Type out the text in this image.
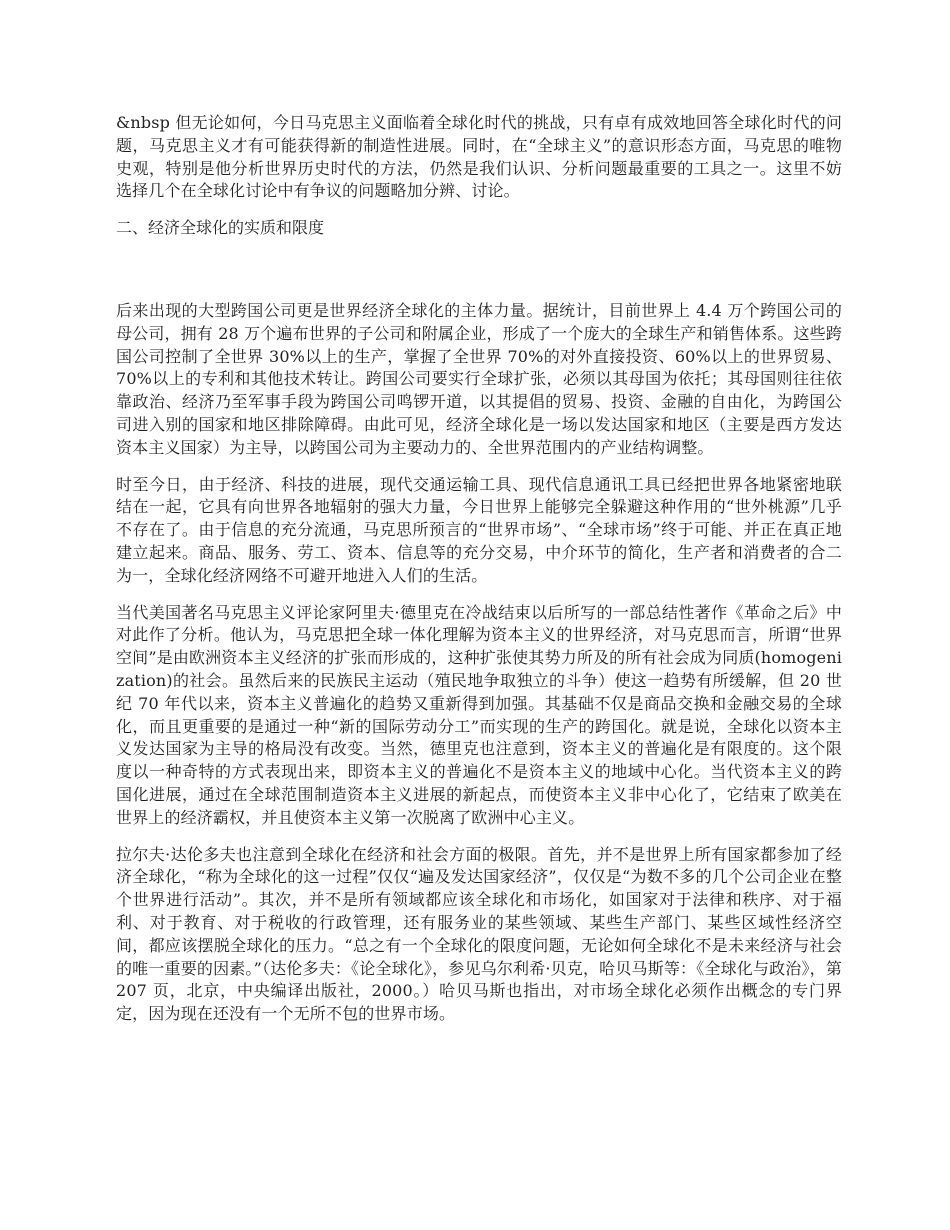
&nbsp 但无论如何，今日马克思主义面临着全球化时代的挑战，只有卓有成效地回答全球化时代的问题，马克思主义才有可能获得新的制造性进展。同时，在“全球主义”的意识形态方面，马克思的唯物史观，特别是他分析世界历史时代的方法，仍然是我们认识、分析问题最重要的工具之一。这里不妨选择几个在全球化讨论中有争议的问题略加分辨、讨论。

二、经济全球化的实质和限度

后来出现的大型跨国公司更是世界经济全球化的主体力量。据统计，目前世界上 4.4 万个跨国公司的母公司，拥有 28 万个遍布世界的子公司和附属企业，形成了一个庞大的全球生产和销售体系。这些跨国公司控制了全世界 30%以上的生产，掌握了全世界 70%的对外直接投资、60%以上的世界贸易、70%以上的专利和其他技术转让。跨国公司要实行全球扩张，必须以其母国为依托；其母国则往往依靠政治、经济乃至军事手段为跨国公司鸣锣开道，以其提倡的贸易、投资、金融的自由化，为跨国公司进入别的国家和地区排除障碍。由此可见，经济全球化是一场以发达国家和地区（主要是西方发达资本主义国家）为主导，以跨国公司为主要动力的、全世界范围内的产业结构调整。

时至今日，由于经济、科技的进展，现代交通运输工具、现代信息通讯工具已经把世界各地紧密地联结在一起，它具有向世界各地辐射的强大力量，今日世界上能够完全躲避这种作用的“世外桃源”几乎不存在了。由于信息的充分流通，马克思所预言的“世界市场”、“全球市场”终于可能、并正在真正地建立起来。商品、服务、劳工、资本、信息等的充分交易，中介环节的简化，生产者和消费者的合二为一，全球化经济网络不可避开地进入人们的生活。

当代美国著名马克思主义评论家阿里夫·德里克在冷战结束以后所写的一部总结性著作《革命之后》中对此作了分析。他认为，马克思把全球一体化理解为资本主义的世界经济，对马克思而言，所谓“世界空间”是由欧洲资本主义经济的扩张而形成的，这种扩张使其势力所及的所有社会成为同质(homogenization)的社会。虽然后来的民族民主运动（殖民地争取独立的斗争）使这一趋势有所缓解，但 20 世纪 70 年代以来，资本主义普遍化的趋势又重新得到加强。其基础不仅是商品交换和金融交易的全球化，而且更重要的是通过一种“新的国际劳动分工”而实现的生产的跨国化。就是说，全球化以资本主义发达国家为主导的格局没有改变。当然，德里克也注意到，资本主义的普遍化是有限度的。这个限度以一种奇特的方式表现出来，即资本主义的普遍化不是资本主义的地域中心化。当代资本主义的跨国化进展，通过在全球范围制造资本主义进展的新起点，而使资本主义非中心化了，它结束了欧美在世界上的经济霸权，并且使资本主义第一次脱离了欧洲中心主义。

拉尔夫·达伦多夫也注意到全球化在经济和社会方面的极限。首先，并不是世界上所有国家都参加了经济全球化，“称为全球化的这一过程”仅仅“遍及发达国家经济”，仅仅是“为数不多的几个公司企业在整个世界进行活动”。其次，并不是所有领域都应该全球化和市场化，如国家对于法律和秩序、对于福利、对于教育、对于税收的行政管理，还有服务业的某些领域、某些生产部门、某些区域性经济空间，都应该摆脱全球化的压力。“总之有一个全球化的限度问题，无论如何全球化不是未来经济与社会的唯一重要的因素。”（达伦多夫：《论全球化》，参见乌尔利希·贝克，哈贝马斯等：《全球化与政治》，第 207 页，北京，中央编译出版社，2000。）哈贝马斯也指出，对市场全球化必须作出概念的专门界定，因为现在还没有一个无所不包的世界市场。
